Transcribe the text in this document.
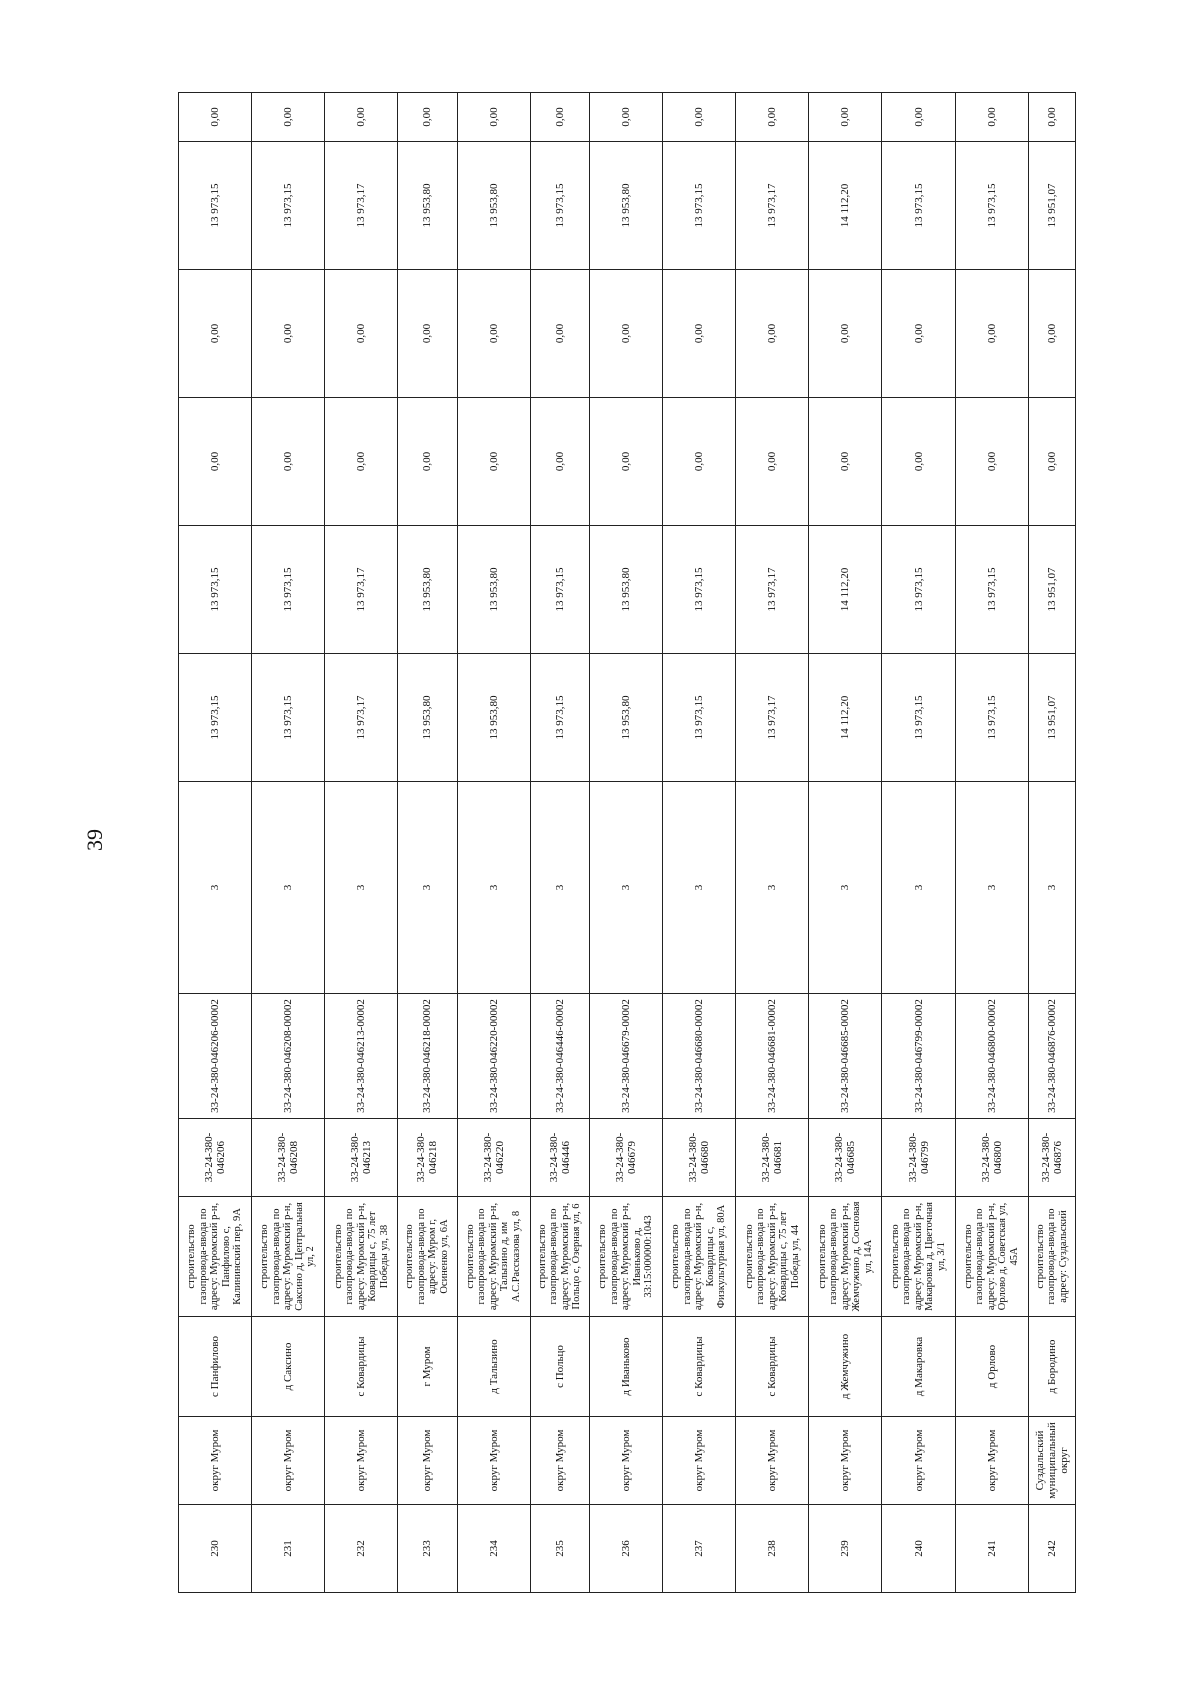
39
230	округ Муром	с Панфилово	строительство газопровода-ввода по адресу: Муромский р-н, Панфилово с, Калининский пер, 9А	33-24-380-046206	33-24-380-046206-00002	3	13 973,15	13 973,15	0,00	0,00	13 973,15	0,00
231	округ Муром	д Саксино	строительство газопровода-ввода по адресу: Муромский р-н, Саксино д, Центральная ул, 2	33-24-380-046208	33-24-380-046208-00002	3	13 973,15	13 973,15	0,00	0,00	13 973,15	0,00
232	округ Муром	с Ковардицы	строительство газопровода-ввода по адресу: Муромский р-н, Ковардицы с, 75 лет Победы ул, 38	33-24-380-046213	33-24-380-046213-00002	3	13 973,17	13 973,17	0,00	0,00	13 973,17	0,00
233	округ Муром	г Муром	строительство газопровода-ввода по адресу: Муром г, Осиненко ул, 6А	33-24-380-046218	33-24-380-046218-00002	3	13 953,80	13 953,80	0,00	0,00	13 953,80	0,00
234	округ Муром	д Талызино	строительство газопровода-ввода по адресу: Муромский р-н, Талызино д, им А.С.Рассказова ул, 8	33-24-380-046220	33-24-380-046220-00002	3	13 953,80	13 953,80	0,00	0,00	13 953,80	0,00
235	округ Муром	с Польцо	строительство газопровода-ввода по адресу: Муромский р-н, Польцо с, Озерная ул, 6	33-24-380-046446	33-24-380-046446-00002	3	13 973,15	13 973,15	0,00	0,00	13 973,15	0,00
236	округ Муром	д Иваньково	строительство газопровода-ввода по адресу: Муромский р-н, Иваньково д, 33:15:000000:1043	33-24-380-046679	33-24-380-046679-00002	3	13 953,80	13 953,80	0,00	0,00	13 953,80	0,00
237	округ Муром	с Ковардицы	строительство газопровода-ввода по адресу: Муромский р-н, Ковардицы с, Физкультурная ул, 80А	33-24-380-046680	33-24-380-046680-00002	3	13 973,15	13 973,15	0,00	0,00	13 973,15	0,00
238	округ Муром	с Ковардицы	строительство газопровода-ввода по адресу: Муромский р-н, Ковардицы с, 75 лет Победы ул, 44	33-24-380-046681	33-24-380-046681-00002	3	13 973,17	13 973,17	0,00	0,00	13 973,17	0,00
239	округ Муром	д Жемчужино	строительство газопровода-ввода по адресу: Муромский р-н, Жемчужино д, Сосновая ул, 14А	33-24-380-046685	33-24-380-046685-00002	3	14 112,20	14 112,20	0,00	0,00	14 112,20	0,00
240	округ Муром	д Макаровка	строительство газопровода-ввода по адресу: Муромский р-н, Макаровка д, Цветочная ул, 3/1	33-24-380-046799	33-24-380-046799-00002	3	13 973,15	13 973,15	0,00	0,00	13 973,15	0,00
241	округ Муром	д Орлово	строительство газопровода-ввода по адресу: Муромский р-н, Орлово д, Советская ул, 45А	33-24-380-046800	33-24-380-046800-00002	3	13 973,15	13 973,15	0,00	0,00	13 973,15	0,00
242	Суздальский муниципальный округ	д Бородино	строительство газопровода-ввода по адресу: Суздальский	33-24-380-046876	33-24-380-046876-00002	3	13 951,07	13 951,07	0,00	0,00	13 951,07	0,00
